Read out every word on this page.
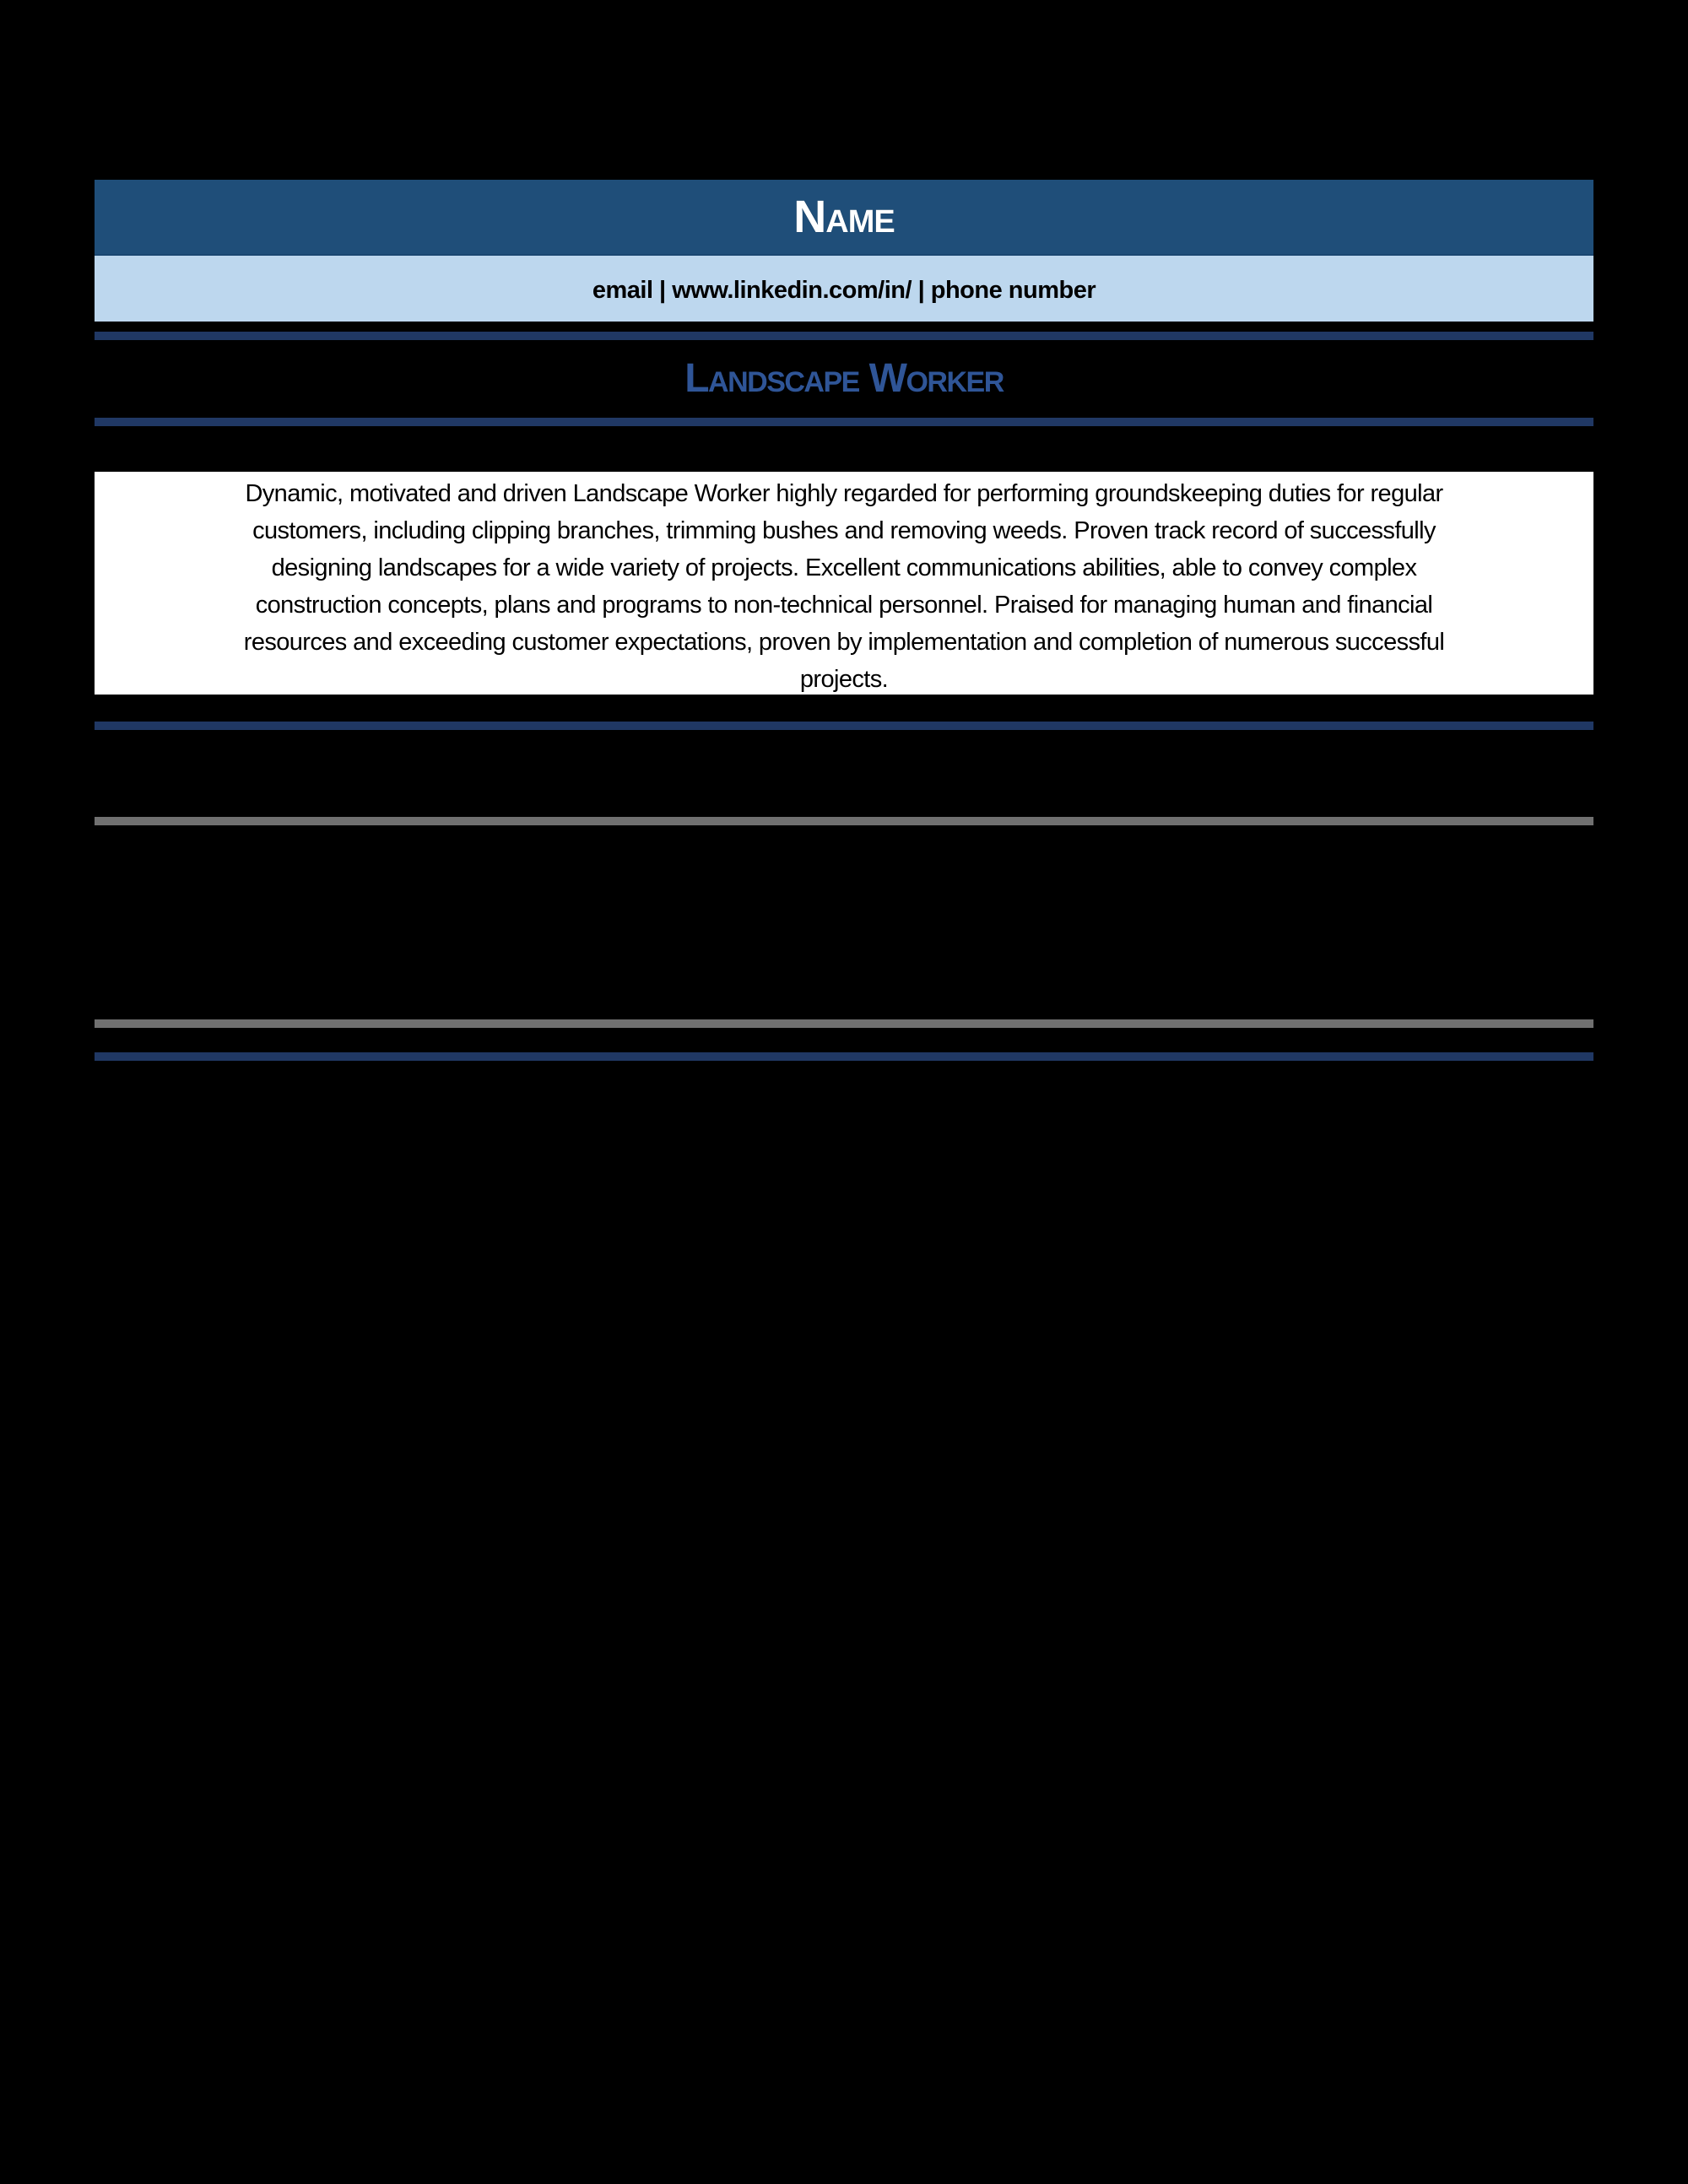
Name
email | www.linkedin.com/in/ | phone number
Landscape Worker
Dynamic, motivated and driven Landscape Worker highly regarded for performing groundskeeping duties for regular
customers, including clipping branches, trimming bushes and removing weeds. Proven track record of successfully
designing landscapes for a wide variety of projects. Excellent communications abilities, able to convey complex
construction concepts, plans and programs to non-technical personnel. Praised for managing human and financial
resources and exceeding customer expectations, proven by implementation and completion of numerous successful
projects.
